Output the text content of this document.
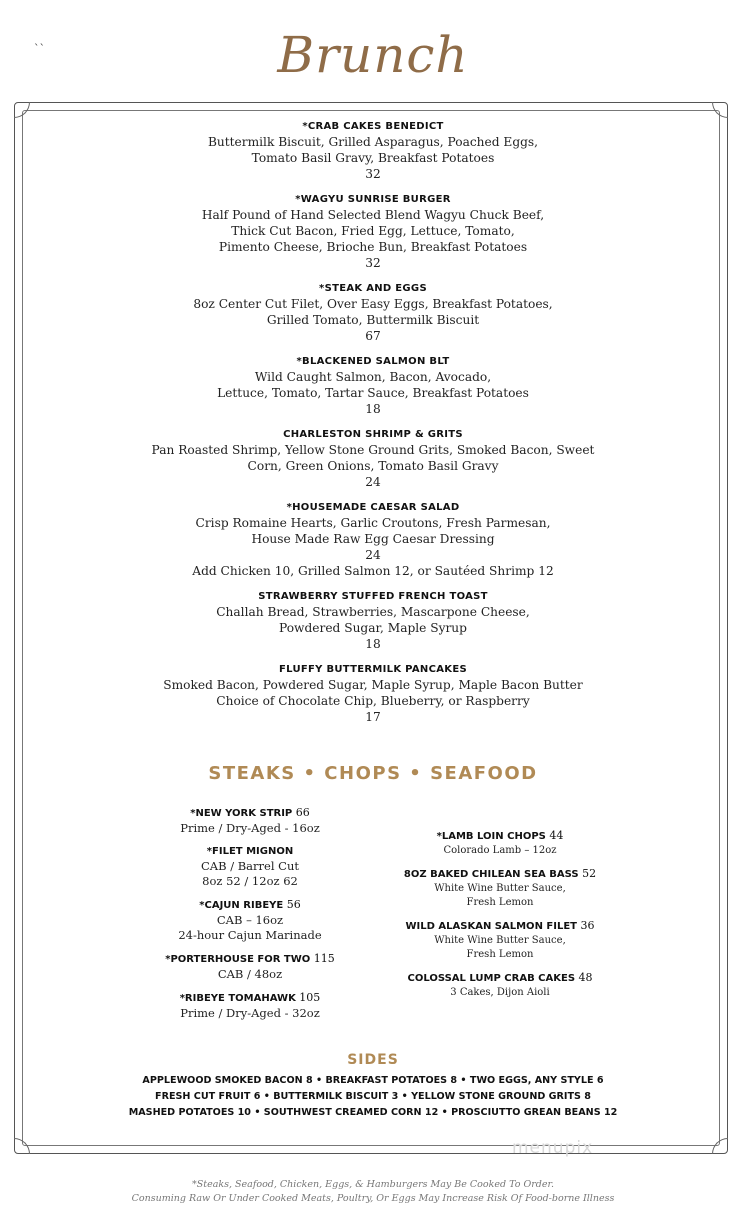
``	Brunch
*CRAB CAKES BENEDICT
Buttermilk Biscuit, Grilled Asparagus, Poached Eggs,
Tomato Basil Gravy, Breakfast Potatoes
32
*WAGYU SUNRISE BURGER
Half Pound of Hand Selected Blend Wagyu Chuck Beef,
Thick Cut Bacon, Fried Egg, Lettuce, Tomato,
Pimento Cheese, Brioche Bun, Breakfast Potatoes
32
*STEAK AND EGGS
8oz Center Cut Filet, Over Easy Eggs, Breakfast Potatoes,
Grilled Tomato, Buttermilk Biscuit
67
*BLACKENED SALMON BLT
Wild Caught Salmon, Bacon, Avocado,
Lettuce, Tomato, Tartar Sauce, Breakfast Potatoes
18
CHARLESTON SHRIMP & GRITS
Pan Roasted Shrimp, Yellow Stone Ground Grits, Smoked Bacon, Sweet
Corn, Green Onions, Tomato Basil Gravy
24
*HOUSEMADE CAESAR SALAD
Crisp Romaine Hearts, Garlic Croutons, Fresh Parmesan,
House Made Raw Egg Caesar Dressing
24
Add Chicken 10, Grilled Salmon 12, or Sautéed Shrimp 12
STRAWBERRY STUFFED FRENCH TOAST
Challah Bread, Strawberries, Mascarpone Cheese,
Powdered Sugar, Maple Syrup
18
FLUFFY BUTTERMILK PANCAKES
Smoked Bacon, Powdered Sugar, Maple Syrup, Maple Bacon Butter
Choice of Chocolate Chip, Blueberry, or Raspberry
17
STEAKS • CHOPS • SEAFOOD
*NEW YORK STRIP 66
Prime / Dry-Aged - 16oz
*FILET MIGNON
CAB / Barrel Cut
8oz 52 / 12oz 62
*CAJUN RIBEYE 56
CAB – 16oz
24-hour Cajun Marinade
*PORTERHOUSE FOR TWO 115
CAB / 48oz
*RIBEYE TOMAHAWK 105
Prime / Dry-Aged - 32oz
*LAMB LOIN CHOPS 44
Colorado Lamb – 12oz
8OZ BAKED CHILEAN SEA BASS 52
White Wine Butter Sauce,
Fresh Lemon
WILD ALASKAN SALMON FILET 36
White Wine Butter Sauce,
Fresh Lemon
COLOSSAL LUMP CRAB CAKES 48
3 Cakes, Dijon Aioli
SIDES
APPLEWOOD SMOKED BACON 8 • BREAKFAST POTATOES 8 • TWO EGGS, ANY STYLE 6
FRESH CUT FRUIT 6 • BUTTERMILK BISCUIT 3 • YELLOW STONE GROUND GRITS 8
MASHED POTATOES 10 • SOUTHWEST CREAMED CORN 12 • PROSCIUTTO GREAN BEANS 12
menupix
*Steaks, Seafood, Chicken, Eggs, & Hamburgers May Be Cooked To Order.
Consuming Raw Or Under Cooked Meats, Poultry, Or Eggs May Increase Risk Of Food-borne Illness
